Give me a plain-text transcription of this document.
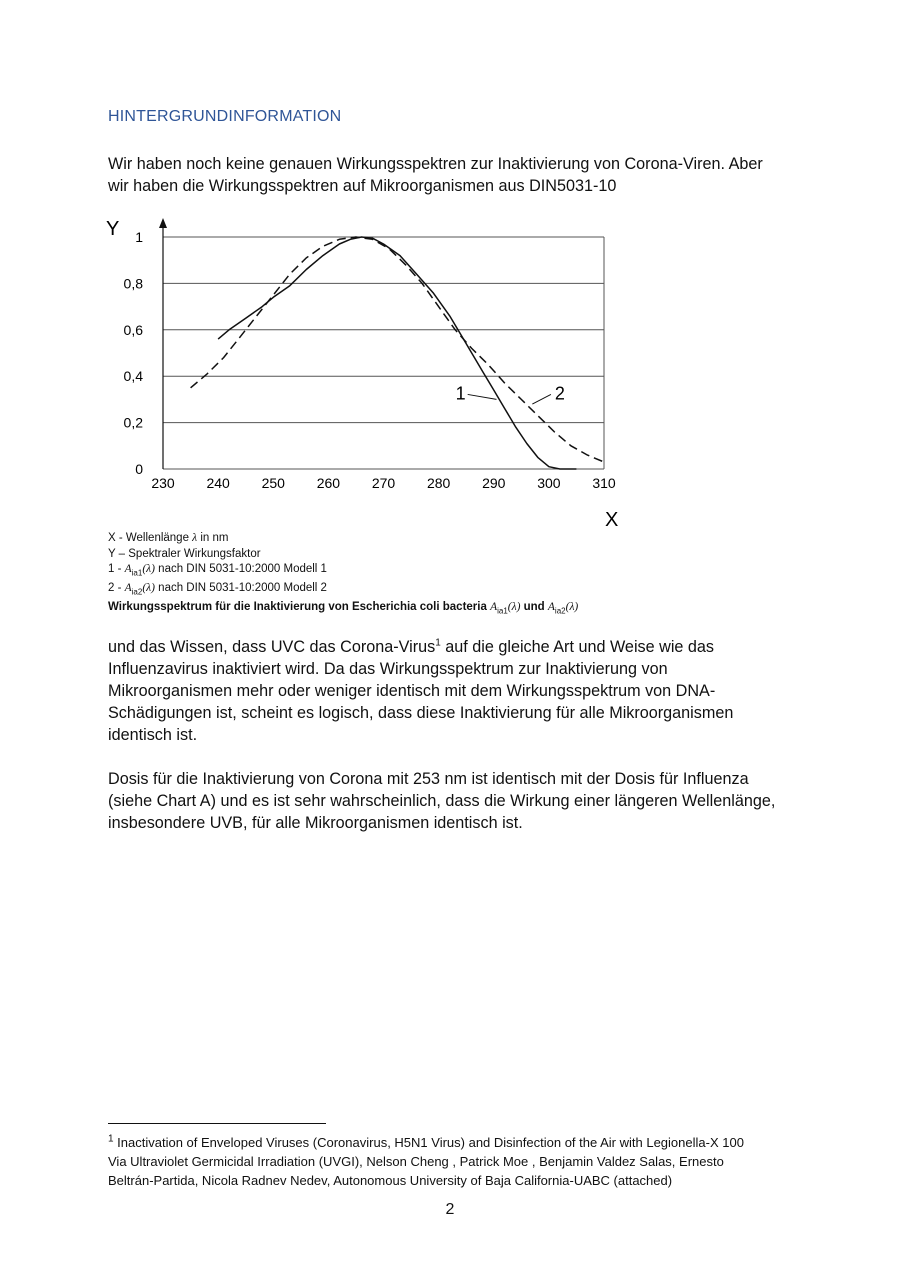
HINTERGRUNDINFORMATION
Wir haben noch keine genauen Wirkungsspektren zur Inaktivierung von Corona-Viren. Aber
wir haben die Wirkungsspektren auf Mikroorganismen aus DIN5031-10
0
0,2
0,4
0,6
0,8
1
230 240 250 260 270 280 290 300 310
1	2
Y
X
X - Wellenlänge λ in nm
Y – Spektraler Wirkungsfaktor
$1 - A_{ia1}(\lambda)$ nach DIN 5031-10:2000 Modell 1
$2 - A_{ia2}(\lambda)$ nach DIN 5031-10:2000 Modell 2
Wirkungsspektrum für die Inaktivierung von Escherichia coli bacteria $A_{ia1}(\lambda)$ und $A_{ia2}(\lambda)$
und das Wissen, dass UVC das Corona-Virus$^1$ auf die gleiche Art und Weise wie das
Influenzavirus inaktiviert wird. Da das Wirkungsspektrum zur Inaktivierung von
Mikroorganismen mehr oder weniger identisch mit dem Wirkungsspektrum von DNA-
Schädigungen ist, scheint es logisch, dass diese Inaktivierung für alle Mikroorganismen
identisch ist.
Dosis für die Inaktivierung von Corona mit 253 nm ist identisch mit der Dosis für Influenza
(siehe Chart A) und es ist sehr wahrscheinlich, dass die Wirkung einer längeren Wellenlänge,
insbesondere UVB, für alle Mikroorganismen identisch ist.
$^1$ Inactivation of Enveloped Viruses (Coronavirus, H5N1 Virus) and Disinfection of the Air with Legionella-X 100
Via Ultraviolet Germicidal Irradiation (UVGI), Nelson Cheng , Patrick Moe , Benjamin Valdez Salas, Ernesto
Beltrán-Partida, Nicola Radnev Nedev, Autonomous University of Baja California-UABC (attached)
2
